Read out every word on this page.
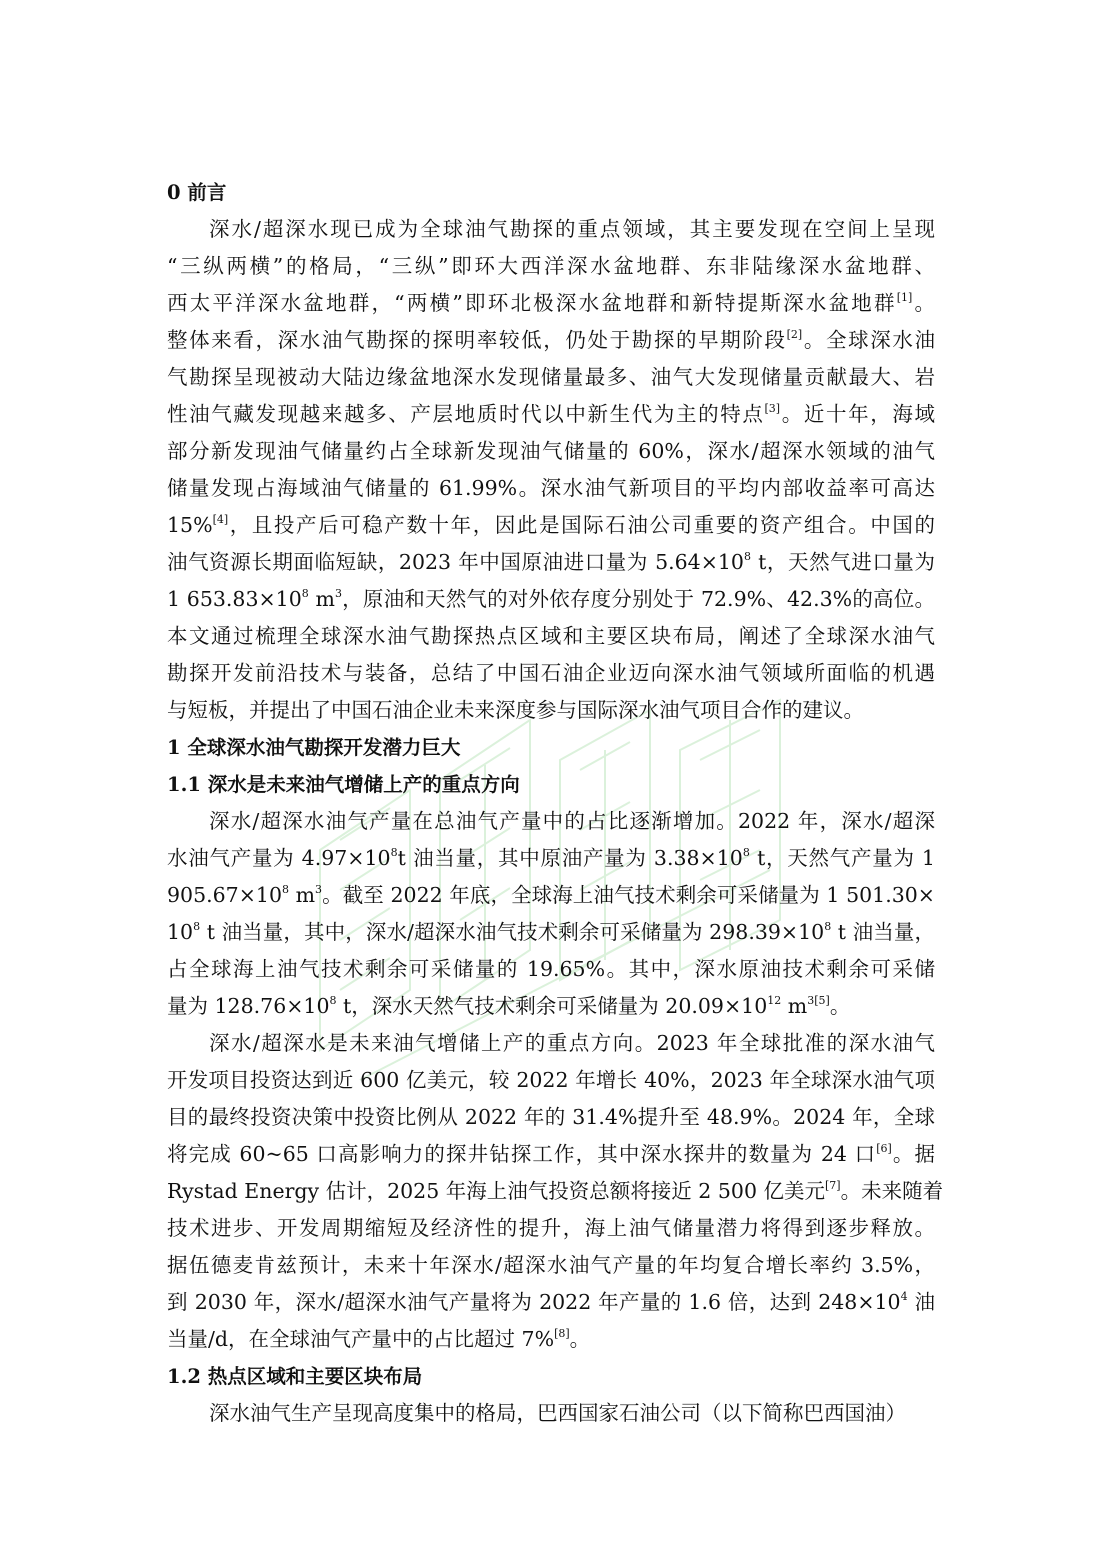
0 前言
深水/超深水现已成为全球油气勘探的重点领域，其主要发现在空间上呈现
“三纵两横”的格局，“三纵”即环大西洋深水盆地群、东非陆缘深水盆地群、
西太平洋深水盆地群，“两横”即环北极深水盆地群和新特提斯深水盆地群[1]。
整体来看，深水油气勘探的探明率较低，仍处于勘探的早期阶段[2]。全球深水油
气勘探呈现被动大陆边缘盆地深水发现储量最多、油气大发现储量贡献最大、岩
性油气藏发现越来越多、产层地质时代以中新生代为主的特点[3]。近十年，海域
部分新发现油气储量约占全球新发现油气储量的 60%，深水/超深水领域的油气
储量发现占海域油气储量的 61.99%。深水油气新项目的平均内部收益率可高达
15%[4]，且投产后可稳产数十年，因此是国际石油公司重要的资产组合。中国的
油气资源长期面临短缺，2023 年中国原油进口量为 $5.64\times 10^8$ t，天然气进口量为
1 $653.83\times 10^8$ $m^3$，原油和天然气的对外依存度分别处于 72.9%、42.3%的高位。
本文通过梳理全球深水油气勘探热点区域和主要区块布局，阐述了全球深水油气
勘探开发前沿技术与装备，总结了中国石油企业迈向深水油气领域所面临的机遇
与短板，并提出了中国石油企业未来深度参与国际深水油气项目合作的建议。
1 全球深水油气勘探开发潜力巨大
1.1 深水是未来油气增储上产的重点方向
深水/超深水油气产量在总油气产量中的占比逐渐增加。2022 年，深水/超深
水油气产量为 $4.97\times 10^8t$ 油当量，其中原油产量为 $3.38\times 10^8$ t，天然气产量为 1
$905.67\times 10^8$ $m^3$。截至 2022 年底，全球海上油气技术剩余可采储量为 1 501.30×
$10^8$ t 油当量，其中，深水/超深水油气技术剩余可采储量为 $298.39\times 10^8$ t 油当量，
占全球海上油气技术剩余可采储量的 19.65%。其中，深水原油技术剩余可采储
量为 $128.76\times 10^8$ t，深水天然气技术剩余可采储量为 $20.09\times 10^{12}$ $m^{3[5]}$。
深水/超深水是未来油气增储上产的重点方向。2023 年全球批准的深水油气
开发项目投资达到近 600 亿美元，较 2022 年增长 40%，2023 年全球深水油气项
目的最终投资决策中投资比例从 2022 年的 31.4%提升至 48.9%。2024 年，全球
将完成 60~65 口高影响力的探井钻探工作，其中深水探井的数量为 24 口[6]。据
Rystad Energy 估计，2025 年海上油气投资总额将接近 2 500 亿美元[7]。未来随着
技术进步、开发周期缩短及经济性的提升，海上油气储量潜力将得到逐步释放。
据伍德麦肯兹预计，未来十年深水/超深水油气产量的年均复合增长率约 3.5%，
到 2030 年，深水/超深水油气产量将为 2022 年产量的 1.6 倍，达到 $248\times 10^4$ 油
当量/d，在全球油气产量中的占比超过 7%[8]。
1.2 热点区域和主要区块布局
深水油气生产呈现高度集中的格局，巴西国家石油公司（以下简称巴西国油）
